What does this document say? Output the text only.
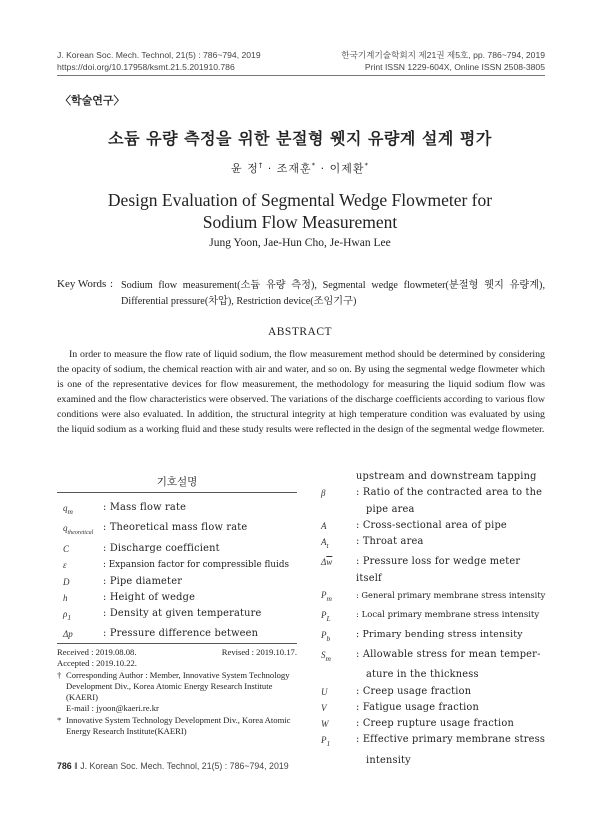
J. Korean Soc. Mech. Technol, 21(5) : 786~794, 2019
https://doi.org/10.17958/ksmt.21.5.201910.786
한국기계기술학회지 제21권 제5호, pp. 786~794, 2019
Print ISSN 1229-604X, Online ISSN 2508-3805
〈학술연구〉
소듐 유량 측정을 위한 분절형 웻지 유량계 설계 평가
윤 정† · 조재훈* · 이제환*
Design Evaluation of Segmental Wedge Flowmeter for
Sodium Flow Measurement
Jung Yoon, Jae-Hun Cho, Je-Hwan Lee
Key Words : Sodium flow measurement(소듐 유량 측정), Segmental wedge flowmeter(분절형 웻지 유량계), Differential pressure(차압), Restriction device(조임기구)
ABSTRACT
In order to measure the flow rate of liquid sodium, the flow measurement method should be determined by considering the opacity of sodium, the chemical reaction with air and water, and so on. By using the segmental wedge flowmeter which is one of the representative devices for flow measurement, the methodology for measuring the liquid sodium flow was examined and the flow characteristics were observed. The variations of the discharge coefficients according to various flow conditions were also evaluated. In addition, the structural integrity at high temperature condition was evaluated by using the liquid sodium as a working fluid and these study results were reflected in the design of the segmental wedge flowmeter.
기호설명
$q_m$	: Mass flow rate
$q_{theoretical}$ : Theoretical mass flow rate
C	: Discharge coefficient
ε	: Expansion factor for compressible fluids
D	: Pipe diameter
h	: Height of wedge
$\rho_1$	: Density at given temperature
Δp	: Pressure difference between
upstream and downstream tapping
β	: Ratio of the contracted area to the
pipe area
A	: Cross-sectional area of pipe
$A_t$	: Throat area
$\Delta\overline{w}$	: Pressure loss for wedge meter itself
$P_m$	: General primary membrane stress intensity
$P_L$	: Local primary membrane stress intensity
$P_b$	: Primary bending stress intensity
$S_m$	: Allowable stress for mean temper-
ature in the thickness
U	: Creep usage fraction
V	: Fatigue usage fraction
W	: Creep rupture usage fraction
$P_1$	: Effective primary membrane stress
intensity
Received : 2019.08.08.	Revised : 2019.10.17.
Accepted : 2019.10.22.
† Corresponding Author : Member, Innovative System Technology Development Div., Korea Atomic Energy Research Institute (KAERI)
E-mail : jyoon@kaeri.re.kr
* Innovative System Technology Development Div., Korea Atomic Energy Research Institute(KAERI)
786 ‖ J. Korean Soc. Mech. Technol, 21(5) : 786~794, 2019
